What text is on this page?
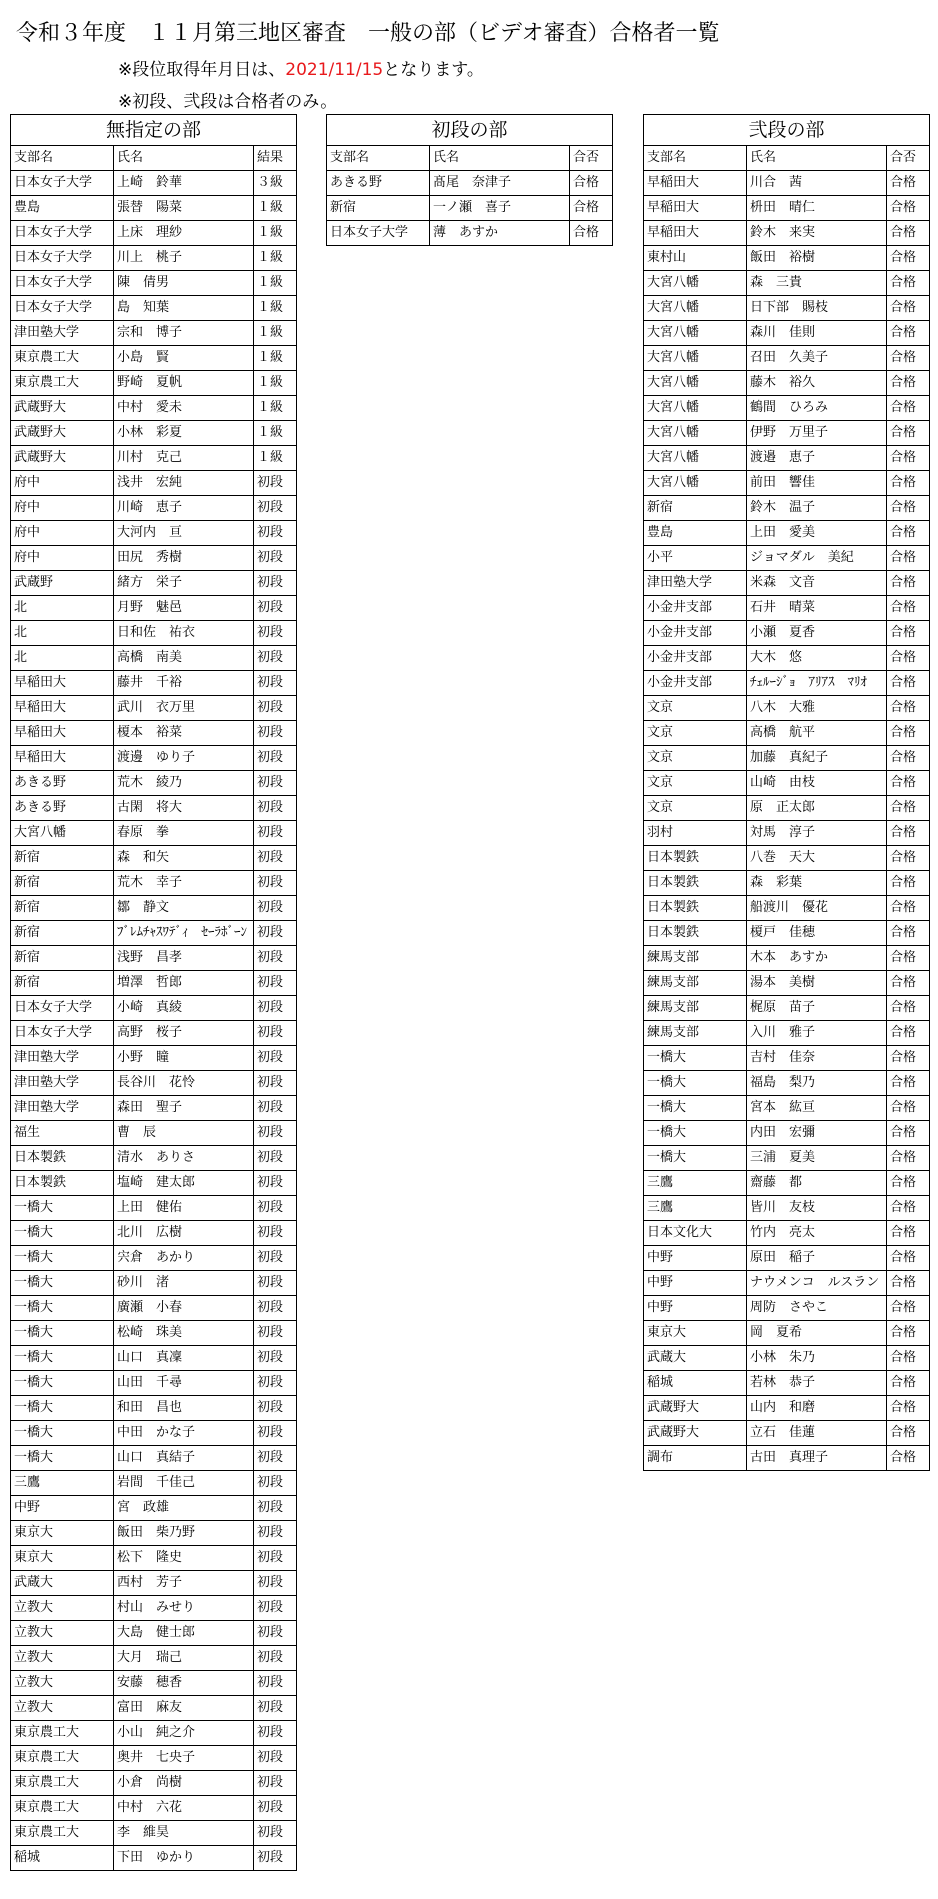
令和３年度　１１月第三地区審査　一般の部（ビデオ審査）合格者一覧
※段位取得年月日は、2021/11/15となります。
※初段、弐段は合格者のみ。
無指定の部		
支部名	氏名	結果
日本女子大学	上崎　鈴華	３級
豊島	張替　陽菜	１級
日本女子大学	上床　理紗	１級
日本女子大学	川上　桃子	１級
日本女子大学	陳　倩男	１級
日本女子大学	島　知葉	１級
津田塾大学	宗和　博子	１級
東京農工大	小島　賢	１級
東京農工大	野崎　夏帆	１級
武蔵野大	中村　愛未	１級
武蔵野大	小林　彩夏	１級
武蔵野大	川村　克己	１級
府中	浅井　宏純	初段
府中	川崎　恵子	初段
府中	大河内　亘	初段
府中	田尻　秀樹	初段
武蔵野	緒方　栄子	初段
北	月野　魅邑	初段
北	日和佐　祐衣	初段
北	高橋　南美	初段
早稲田大	藤井　千裕	初段
早稲田大	武川　衣万里	初段
早稲田大	榎本　裕菜	初段
早稲田大	渡邊　ゆり子	初段
あきる野	荒木　綾乃	初段
あきる野	古閑　将大	初段
大宮八幡	春原　拳	初段
新宿	森　和矢	初段
新宿	荒木　幸子	初段
新宿	鄒　静文	初段
新宿	ﾌﾞﾚﾑﾁｬｽﾜﾃﾞｨ　ｾｰﾗﾎﾞｰﾝ	初段
新宿	浅野　昌孝	初段
新宿	増澤　哲郎	初段
日本女子大学	小崎　真綾	初段
日本女子大学	高野　桜子	初段
津田塾大学	小野　瞳	初段
津田塾大学	長谷川　花怜	初段
津田塾大学	森田　聖子	初段
福生	曹　辰	初段
日本製鉄	清水　ありさ	初段
日本製鉄	塩崎　建太郎	初段
一橋大	上田　健佑	初段
一橋大	北川　広樹	初段
一橋大	宍倉　あかり	初段
一橋大	砂川　渚	初段
一橋大	廣瀬　小春	初段
一橋大	松崎　珠美	初段
一橋大	山口　真凜	初段
一橋大	山田　千尋	初段
一橋大	和田　昌也	初段
一橋大	中田　かな子	初段
一橋大	山口　真結子	初段
三鷹	岩間　千佳己	初段
中野	宮　政雄	初段
東京大	飯田　柴乃野	初段
東京大	松下　隆史	初段
武蔵大	西村　芳子	初段
立教大	村山　みせり	初段
立教大	大島　健士郎	初段
立教大	大月　瑞己	初段
立教大	安藤　穂香	初段
立教大	富田　麻友	初段
東京農工大	小山　純之介	初段
東京農工大	奥井　七央子	初段
東京農工大	小倉　尚樹	初段
東京農工大	中村　六花	初段
東京農工大	李　維昊	初段
稲城	下田　ゆかり	初段
初段の部		
支部名	氏名	合否
あきる野	髙尾　奈津子	合格
新宿	一ノ瀬　喜子	合格
日本女子大学	薄　あすか	合格
弐段の部		
支部名	氏名	合否
早稲田大	川合　茜	合格
早稲田大	枡田　晴仁	合格
早稲田大	鈴木　来実	合格
東村山	飯田　裕樹	合格
大宮八幡	森　三貴	合格
大宮八幡	日下部　賜枝	合格
大宮八幡	森川　佳則	合格
大宮八幡	召田　久美子	合格
大宮八幡	藤木　裕久	合格
大宮八幡	鶴間　ひろみ	合格
大宮八幡	伊野　万里子	合格
大宮八幡	渡邉　恵子	合格
大宮八幡	前田　響佳	合格
新宿	鈴木　温子	合格
豊島	上田　愛美	合格
小平	ジョマダル　美紀	合格
津田塾大学	米森　文音	合格
小金井支部	石井　晴菜	合格
小金井支部	小瀬　夏香	合格
小金井支部	大木　悠	合格
小金井支部	ﾁｪﾙｰｼﾞｮ　ｱﾘｱｽ　ﾏﾘｵ	合格
文京	八木　大雅	合格
文京	高橋　航平	合格
文京	加藤　真紀子	合格
文京	山崎　由枝	合格
文京	原　正太郎	合格
羽村	対馬　淳子	合格
日本製鉄	八巻　天大	合格
日本製鉄	森　彩葉	合格
日本製鉄	船渡川　優花	合格
日本製鉄	榎戸　佳穂	合格
練馬支部	木本　あすか	合格
練馬支部	湯本　美樹	合格
練馬支部	梶原　苗子	合格
練馬支部	入川　雅子	合格
一橋大	吉村　佳奈	合格
一橋大	福島　梨乃	合格
一橋大	宮本　紘亘	合格
一橋大	内田　宏彌	合格
一橋大	三浦　夏美	合格
三鷹	齋藤　都	合格
三鷹	皆川　友枝	合格
日本文化大	竹内　亮太	合格
中野	原田　稲子	合格
中野	ナウメンコ　ルスラン	合格
中野	周防　さやこ	合格
東京大	岡　夏希	合格
武蔵大	小林　朱乃	合格
稲城	若林　恭子	合格
武蔵野大	山内　和磨	合格
武蔵野大	立石　佳蓮	合格
調布	古田　真理子	合格
